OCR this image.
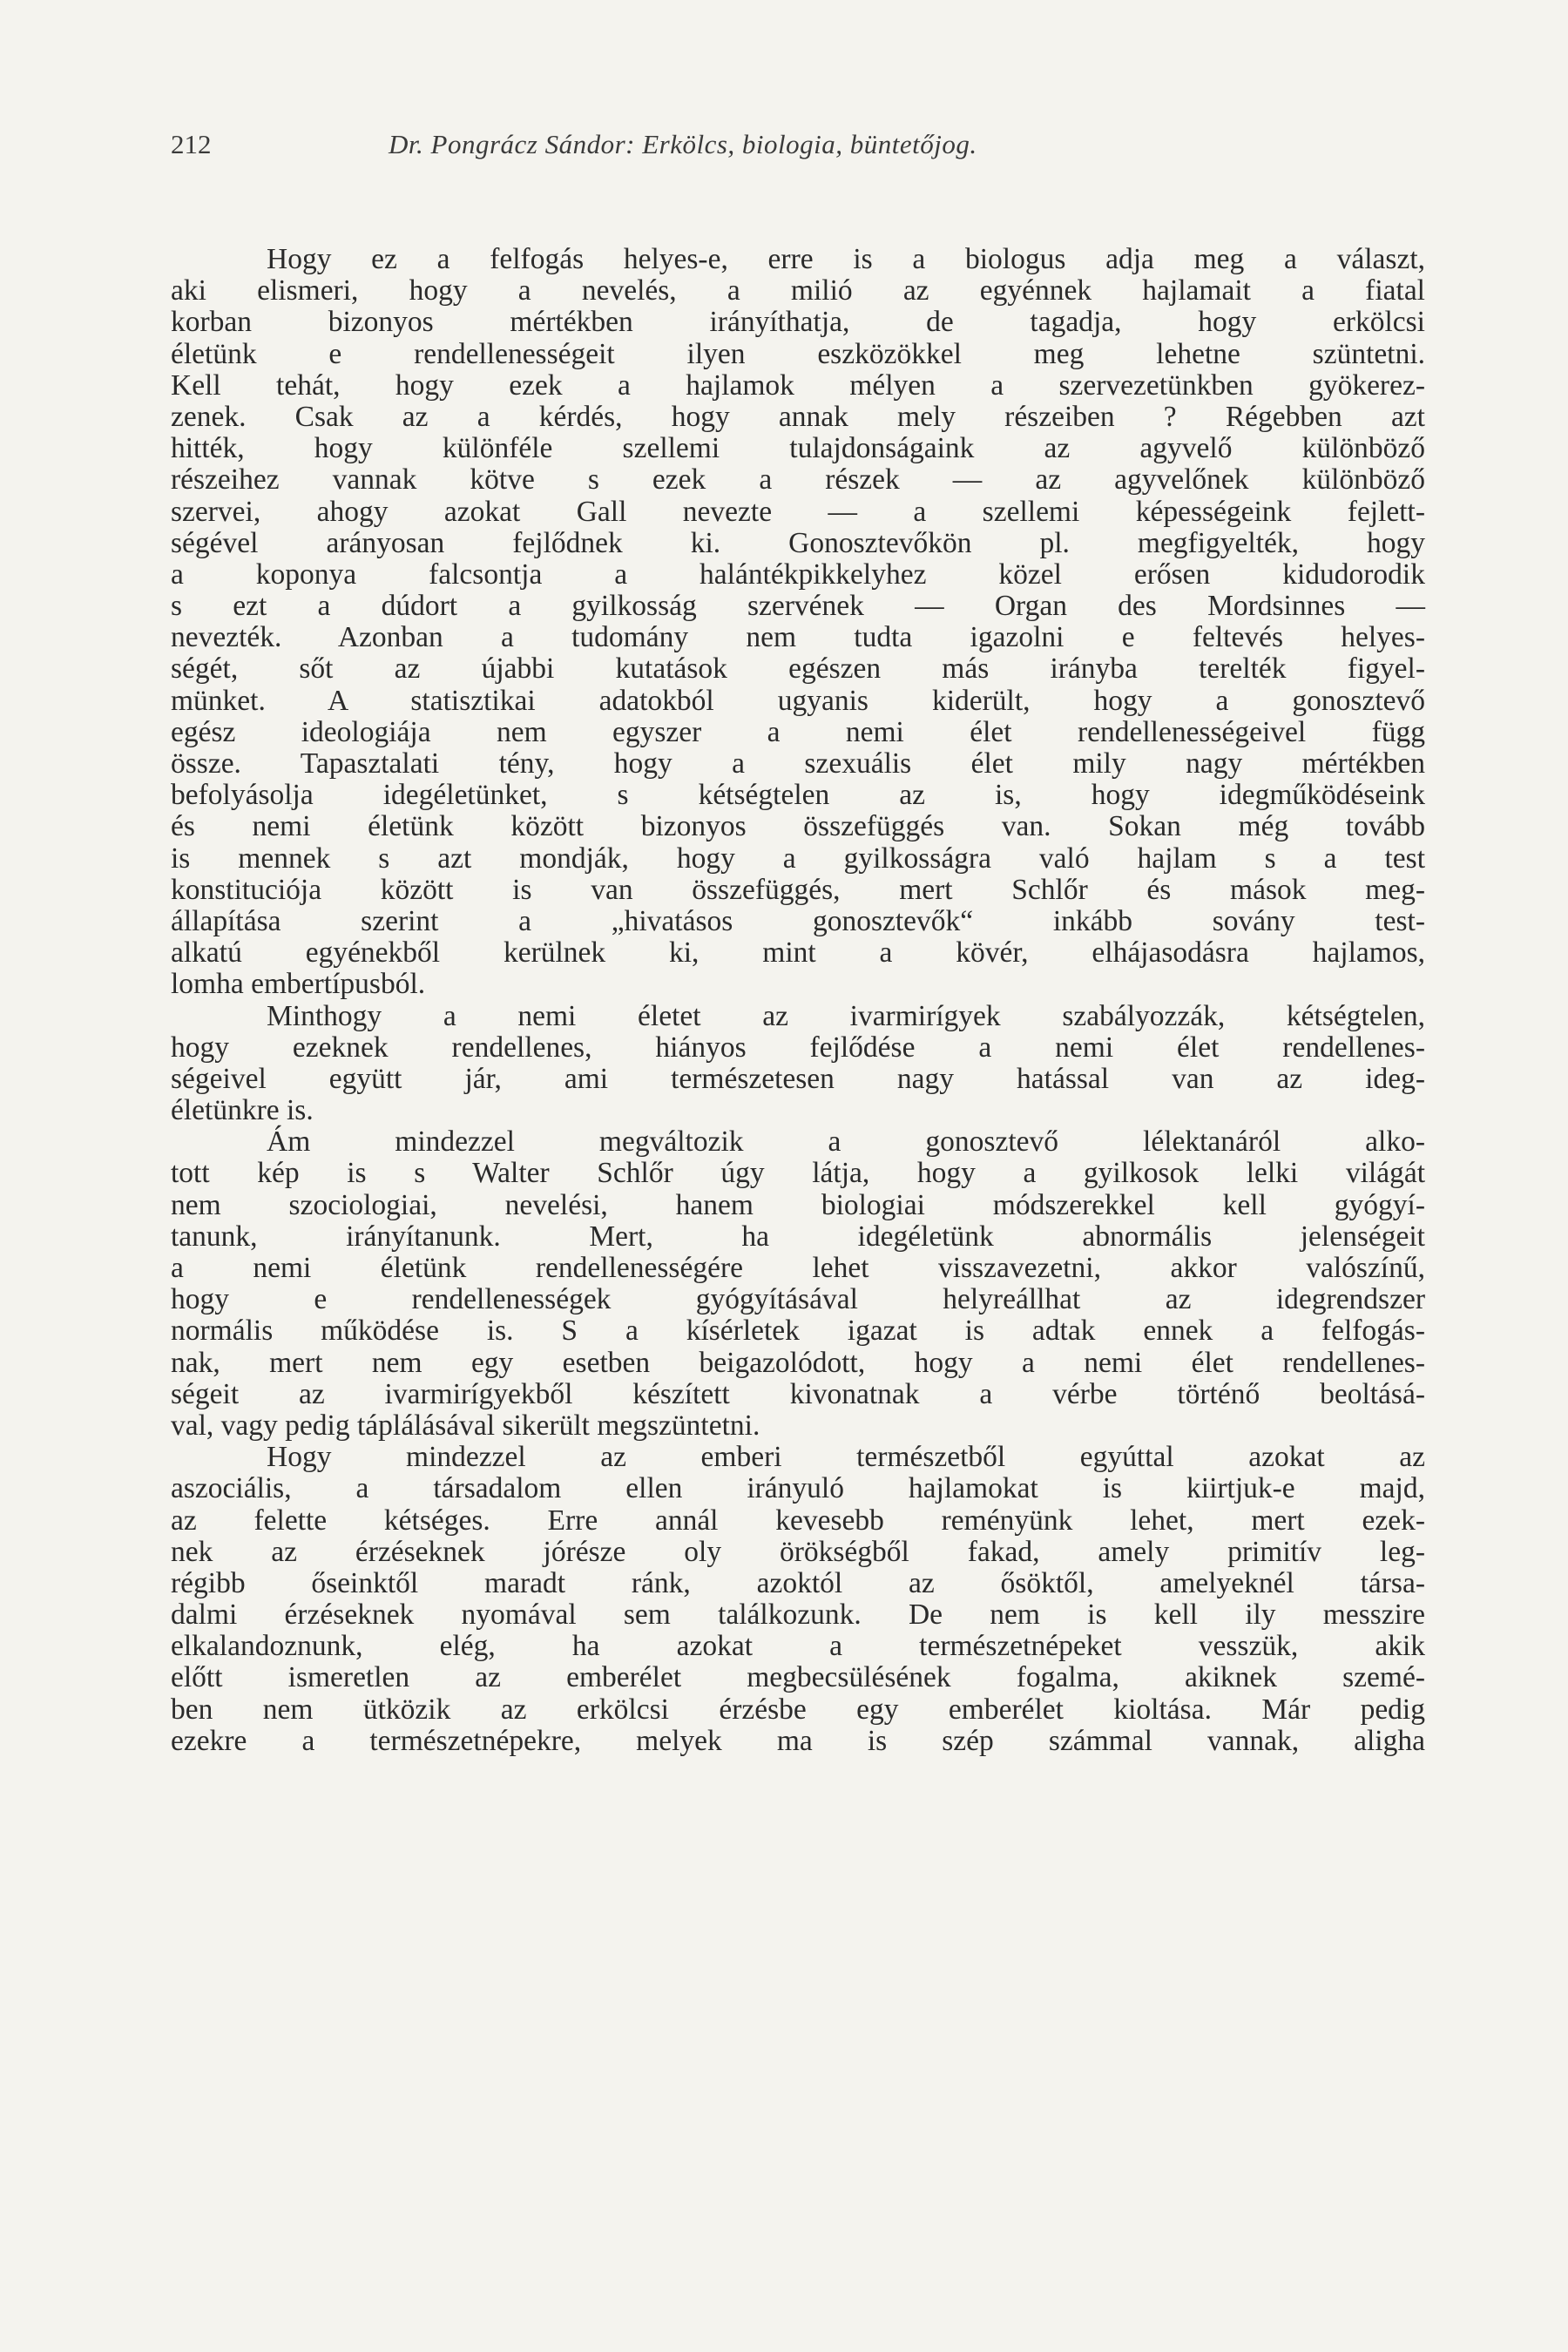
212	Dr. Pongrácz Sándor: Erkölcs, biologia, büntetőjog.
Hogy ez a felfogás helyes-e, erre is a biologus adja meg a választ,
aki elismeri, hogy a nevelés, a milió az egyénnek hajlamait a fiatal
korban bizonyos mértékben irányíthatja, de tagadja, hogy erkölcsi
életünk e rendellenességeit ilyen eszközökkel meg lehetne szüntetni.
Kell tehát, hogy ezek a hajlamok mélyen a szervezetünkben gyökerez-
zenek. Csak az a kérdés, hogy annak mely részeiben ? Régebben azt
hitték, hogy különféle szellemi tulajdonságaink az agyvelő különböző
részeihez vannak kötve s ezek a részek — az agyvelőnek különböző
szervei, ahogy azokat Gall nevezte — a szellemi képességeink fejlett-
ségével arányosan fejlődnek ki. Gonosztevőkön pl. megfigyelték, hogy
a koponya falcsontja a halántékpikkelyhez közel erősen kidudorodik
s ezt a dúdort a gyilkosság szervének — Organ des Mordsinnes —
nevezték. Azonban a tudomány nem tudta igazolni e feltevés helyes-
ségét, sőt az újabbi kutatások egészen más irányba terelték figyel-
münket. A statisztikai adatokból ugyanis kiderült, hogy a gonosztevő
egész ideologiája nem egyszer a nemi élet rendellenességeivel függ
össze. Tapasztalati tény, hogy a szexuális élet mily nagy mértékben
befolyásolja idegéletünket, s kétségtelen az is, hogy idegműködéseink
és nemi életünk között bizonyos összefüggés van. Sokan még tovább
is mennek s azt mondják, hogy a gyilkosságra való hajlam s a test
konstituciója között is van összefüggés, mert Schlőr és mások meg-
állapítása szerint a „hivatásos gonosztevők“ inkább sovány test-
alkatú egyénekből kerülnek ki, mint a kövér, elhájasodásra hajlamos,
lomha embertípusból.
Minthogy a nemi életet az ivarmirígyek szabályozzák, kétségtelen,
hogy ezeknek rendellenes, hiányos fejlődése a nemi élet rendellenes-
ségeivel együtt jár, ami természetesen nagy hatással van az ideg-
életünkre is.
Ám mindezzel megváltozik a gonosztevő lélektanáról alko-
tott kép is s Walter Schlőr úgy látja, hogy a gyilkosok lelki világát
nem szociologiai, nevelési, hanem biologiai módszerekkel kell gyógyí-
tanunk, irányítanunk. Mert, ha idegéletünk abnormális jelenségeit
a nemi életünk rendellenességére lehet visszavezetni, akkor valószínű,
hogy e rendellenességek gyógyításával helyreállhat az idegrendszer
normális működése is. S a kísérletek igazat is adtak ennek a felfogás-
nak, mert nem egy esetben beigazolódott, hogy a nemi élet rendellenes-
ségeit az ivarmirígyekből készített kivonatnak a vérbe történő beoltásá-
val, vagy pedig táplálásával sikerült megszüntetni.
Hogy mindezzel az emberi természetből egyúttal azokat az
aszociális, a társadalom ellen irányuló hajlamokat is kiirtjuk-e majd,
az felette kétséges. Erre annál kevesebb reményünk lehet, mert ezek-
nek az érzéseknek jórésze oly örökségből fakad, amely primitív leg-
régibb őseinktől maradt ránk, azoktól az ősöktől, amelyeknél társa-
dalmi érzéseknek nyomával sem találkozunk. De nem is kell ily messzire
elkalandoznunk, elég, ha azokat a természetnépeket vesszük, akik
előtt ismeretlen az emberélet megbecsülésének fogalma, akiknek szemé-
ben nem ütközik az erkölcsi érzésbe egy emberélet kioltása. Már pedig
ezekre a természetnépekre, melyek ma is szép számmal vannak, aligha
